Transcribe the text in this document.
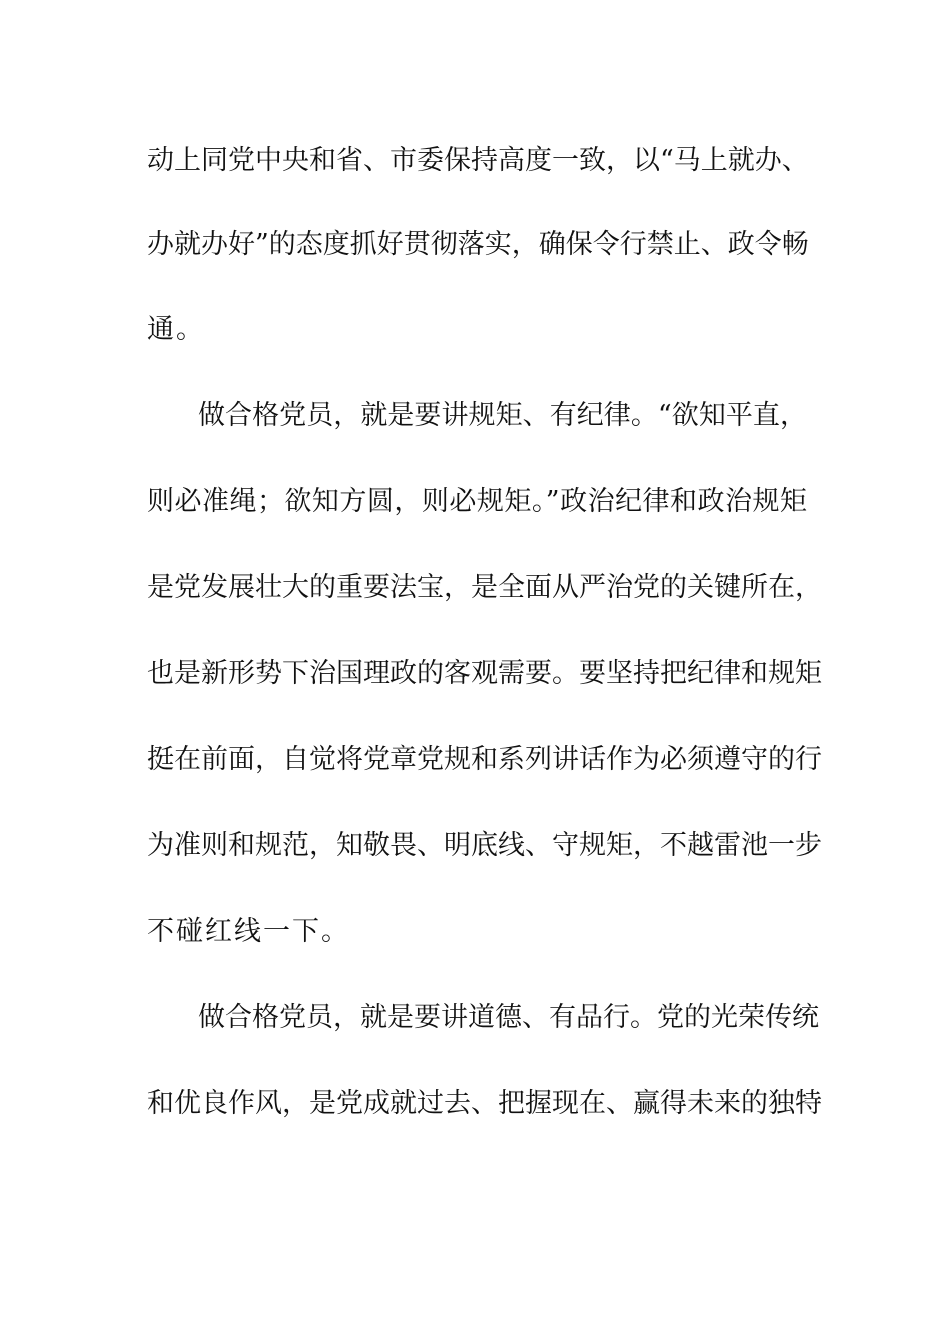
动上同党中央和省、市委保持高度一致，以“马上就办、
办就办好”的态度抓好贯彻落实，确保令行禁止、政令畅
通。
做合格党员，就是要讲规矩、有纪律。“欲知平直，
则必准绳；欲知方圆，则必规矩。”政治纪律和政治规矩
是党发展壮大的重要法宝，是全面从严治党的关键所在，
也是新形势下治国理政的客观需要。要坚持把纪律和规矩
挺在前面，自觉将党章党规和系列讲话作为必须遵守的行
为准则和规范，知敬畏、明底线、守规矩，不越雷池一步
不碰红线一下。
做合格党员，就是要讲道德、有品行。党的光荣传统
和优良作风，是党成就过去、把握现在、赢得未来的独特
